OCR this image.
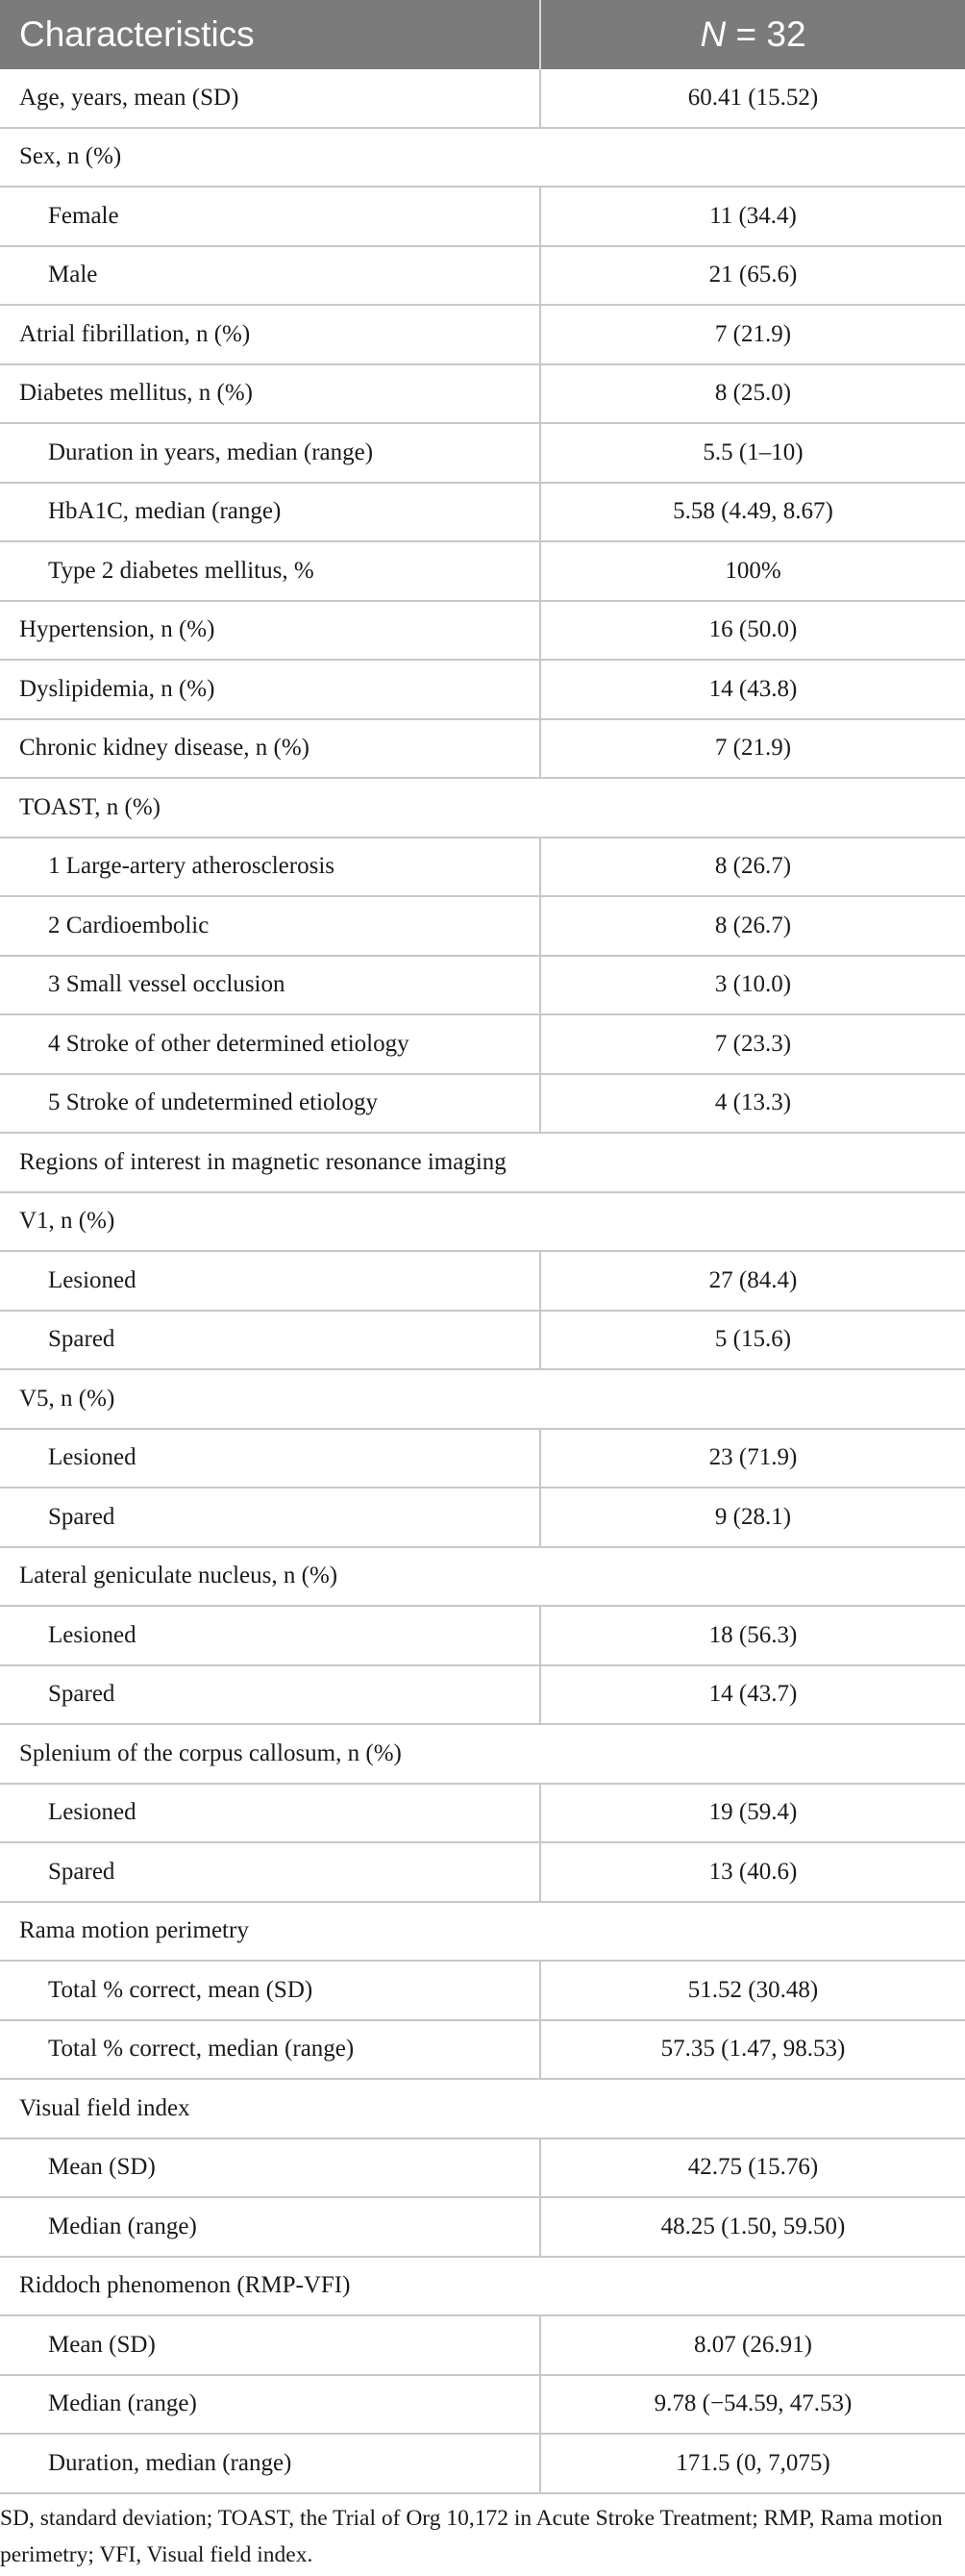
Characteristics	N = 32
Age, years, mean (SD)	60.41 (15.52)
Sex, n (%)	
Female	11 (34.4)
Male	21 (65.6)
Atrial fibrillation, n (%)	7 (21.9)
Diabetes mellitus, n (%)	8 (25.0)
Duration in years, median (range)	5.5 (1–10)
HbA1C, median (range)	5.58 (4.49, 8.67)
Type 2 diabetes mellitus, %	100%
Hypertension, n (%)	16 (50.0)
Dyslipidemia, n (%)	14 (43.8)
Chronic kidney disease, n (%)	7 (21.9)
TOAST, n (%)	
1 Large-artery atherosclerosis	8 (26.7)
2 Cardioembolic	8 (26.7)
3 Small vessel occlusion	3 (10.0)
4 Stroke of other determined etiology	7 (23.3)
5 Stroke of undetermined etiology	4 (13.3)
Regions of interest in magnetic resonance imaging	
V1, n (%)	
Lesioned	27 (84.4)
Spared	5 (15.6)
V5, n (%)	
Lesioned	23 (71.9)
Spared	9 (28.1)
Lateral geniculate nucleus, n (%)	
Lesioned	18 (56.3)
Spared	14 (43.7)
Splenium of the corpus callosum, n (%)	
Lesioned	19 (59.4)
Spared	13 (40.6)
Rama motion perimetry	
Total % correct, mean (SD)	51.52 (30.48)
Total % correct, median (range)	57.35 (1.47, 98.53)
Visual field index	
Mean (SD)	42.75 (15.76)
Median (range)	48.25 (1.50, 59.50)
Riddoch phenomenon (RMP-VFI)	
Mean (SD)	8.07 (26.91)
Median (range)	9.78 (−54.59, 47.53)
Duration, median (range)	171.5 (0, 7,075)

SD, standard deviation; TOAST, the Trial of Org 10,172 in Acute Stroke Treatment; RMP, Rama motion perimetry; VFI, Visual field index.
